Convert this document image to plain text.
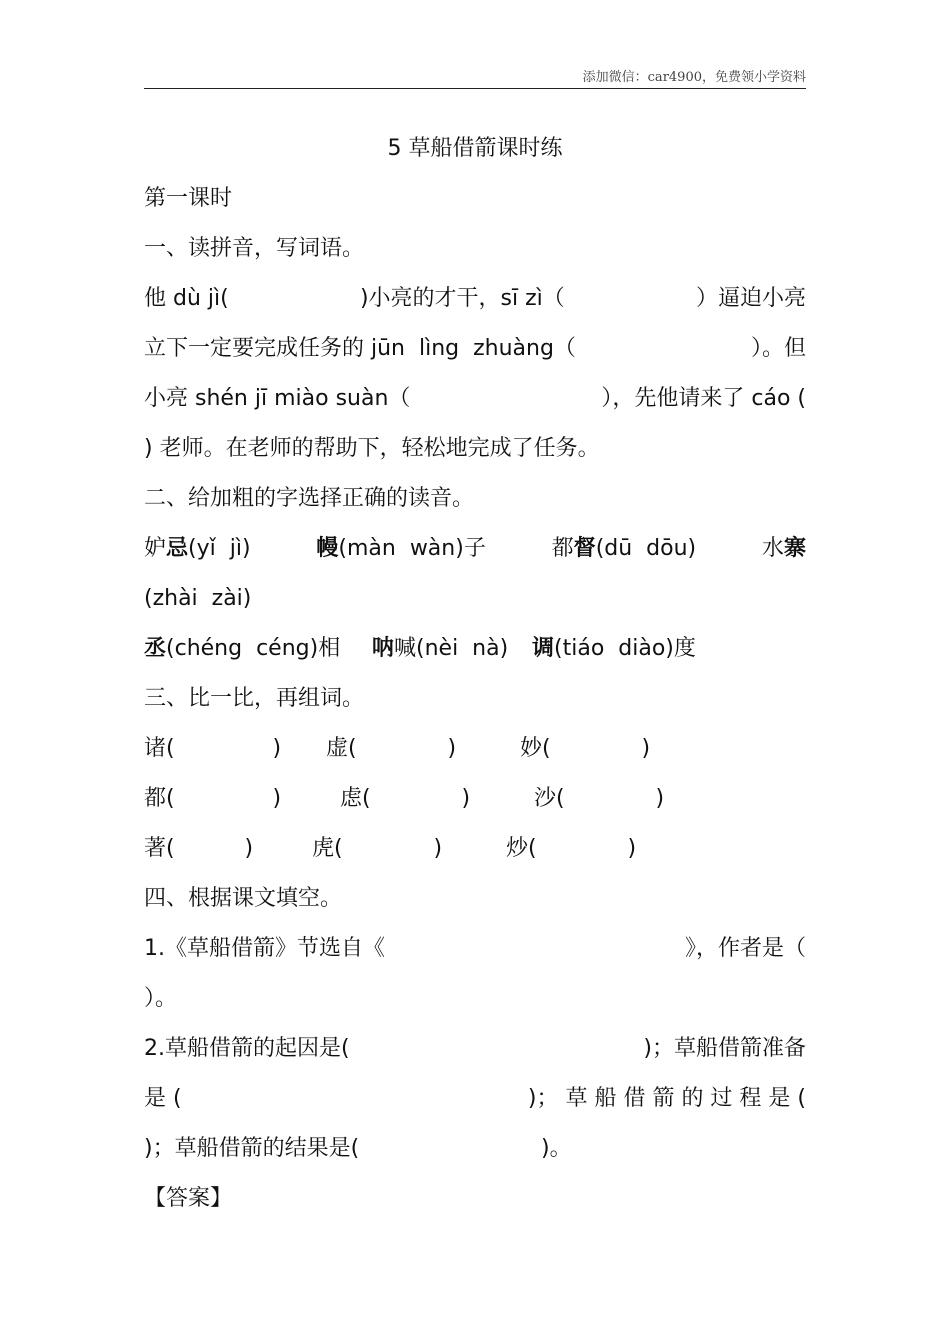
添加微信：car4900，免费领小学资料
5 草船借箭课时练
第一课时
一、读拼音，写词语。
他 dù jì(	)小亮的才干，sī zì（	）逼迫小亮
立下一定要完成任务的 jūn  lìng  zhuàng（	）。但
小亮 shén jī miào suàn（	），先他请来了 cáo (
) 老师。在老师的帮助下，轻松地完成了任务。
二、给加粗的字选择正确的读音。
妒忌(yǐ  jì)	幔(màn  wàn)子	都督(dū  dōu)	水寨
(zhài  zài)
丞(chéng  céng)相 呐喊(nèi  nà) 调(tiáo  diào)度
三、比一比，再组词。
诸(              ) 虚(             )	妙(             )
都(              )	虑(             )	沙(             )
著(          )	虎(             )	炒(             )
四、根据课文填空。
1.《草船借箭》节选自《	》，作者是（
）。
2.草船借箭的起因是(	)；草船借箭准备
是 (	)； 草 船 借 箭 的 过 程 是 (
)；草船借箭的结果是(                          )。
【答案】
